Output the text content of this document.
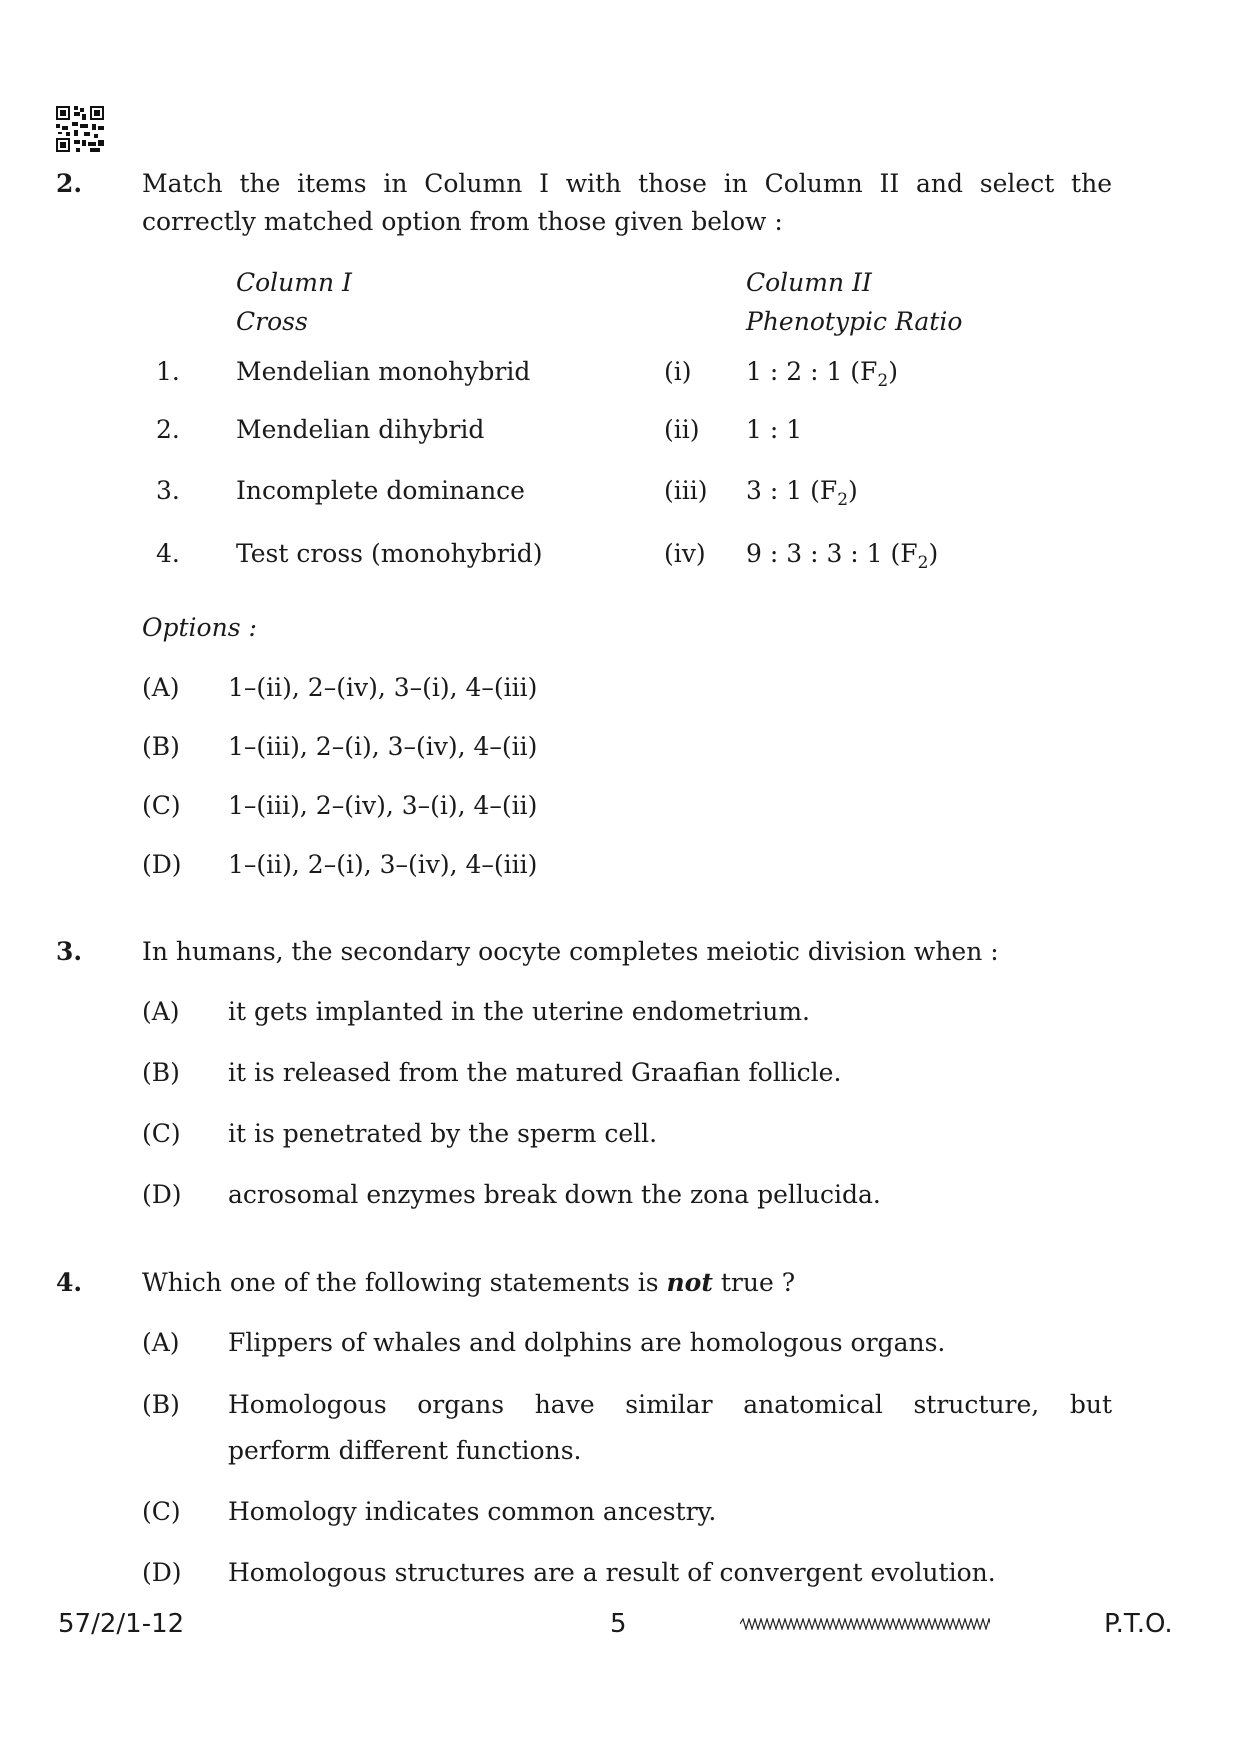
2. Match the items in Column I with those in Column II and select the
correctly matched option from those given below :
Column I
Cross
Column II
Phenotypic Ratio
1. Mendelian monohybrid	(i) 1 : 2 : 1 $(F_2)$
2. Mendelian dihybrid	(ii) 1 : 1
3. Incomplete dominance	(iii) 3 : 1 $(F_2)$
4. Test cross (monohybrid)	(iv) 9 : 3 : 3 : 1 $(F_2)$
Options :
(A) 1–(ii), 2–(iv), 3–(i), 4–(iii)
(B) 1–(iii), 2–(i), 3–(iv), 4–(ii)
(C) 1–(iii), 2–(iv), 3–(i), 4–(ii)
(D) 1–(ii), 2–(i), 3–(iv), 4–(iii)
3. In humans, the secondary oocyte completes meiotic division when :
(A) it gets implanted in the uterine endometrium.
(B) it is released from the matured Graafian follicle.
(C) it is penetrated by the sperm cell.
(D) acrosomal enzymes break down the zona pellucida.
4. Which one of the following statements is not true ?
(A) Flippers of whales and dolphins are homologous organs.
(B) Homologous organs have similar anatomical structure, but
perform different functions.
(C) Homology indicates common ancestry.
(D) Homologous structures are a result of convergent evolution.
57/2/1-12	5	P.T.O.
